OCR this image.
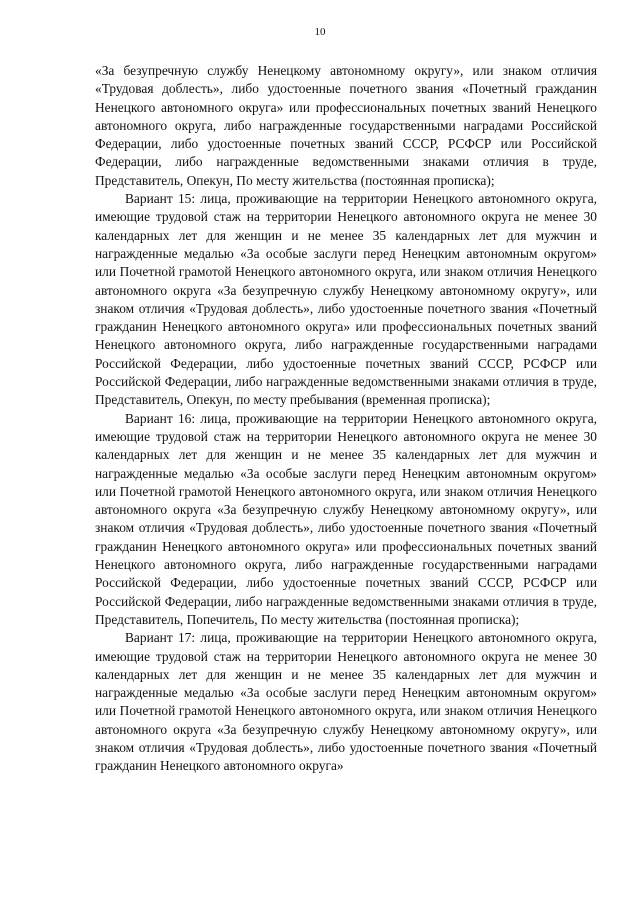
10

«За безупречную службу Ненецкому автономному округу», или знаком отличия «Трудовая доблесть», либо удостоенные почетного звания «Почетный гражданин Ненецкого автономного округа» или профессиональных почетных званий Ненецкого автономного округа, либо награжденные государственными наградами Российской Федерации, либо удостоенные почетных званий СССР, РСФСР или Российской Федерации, либо награжденные ведомственными знаками отличия в труде, Представитель, Опекун, По месту жительства (постоянная прописка);

Вариант 15: лица, проживающие на территории Ненецкого автономного округа, имеющие трудовой стаж на территории Ненецкого автономного округа не менее 30 календарных лет для женщин и не менее 35 календарных лет для мужчин и награжденные медалью «За особые заслуги перед Ненецким автономным округом» или Почетной грамотой Ненецкого автономного округа, или знаком отличия Ненецкого автономного округа «За безупречную службу Ненецкому автономному округу», или знаком отличия «Трудовая доблесть», либо удостоенные почетного звания «Почетный гражданин Ненецкого автономного округа» или профессиональных почетных званий Ненецкого автономного округа, либо награжденные государственными наградами Российской Федерации, либо удостоенные почетных званий СССР, РСФСР или Российской Федерации, либо награжденные ведомственными знаками отличия в труде, Представитель, Опекун, по месту пребывания (временная прописка);

Вариант 16: лица, проживающие на территории Ненецкого автономного округа, имеющие трудовой стаж на территории Ненецкого автономного округа не менее 30 календарных лет для женщин и не менее 35 календарных лет для мужчин и награжденные медалью «За особые заслуги перед Ненецким автономным округом» или Почетной грамотой Ненецкого автономного округа, или знаком отличия Ненецкого автономного округа «За безупречную службу Ненецкому автономному округу», или знаком отличия «Трудовая доблесть», либо удостоенные почетного звания «Почетный гражданин Ненецкого автономного округа» или профессиональных почетных званий Ненецкого автономного округа, либо награжденные государственными наградами Российской Федерации, либо удостоенные почетных званий СССР, РСФСР или Российской Федерации, либо награжденные ведомственными знаками отличия в труде, Представитель, Попечитель, По месту жительства (постоянная прописка);

Вариант 17: лица, проживающие на территории Ненецкого автономного округа, имеющие трудовой стаж на территории Ненецкого автономного округа не менее 30 календарных лет для женщин и не менее 35 календарных лет для мужчин и награжденные медалью «За особые заслуги перед Ненецким автономным округом» или Почетной грамотой Ненецкого автономного округа, или знаком отличия Ненецкого автономного округа «За безупречную службу Ненецкому автономному округу», или знаком отличия «Трудовая доблесть», либо удостоенные почетного звания «Почетный гражданин Ненецкого автономного округа»
